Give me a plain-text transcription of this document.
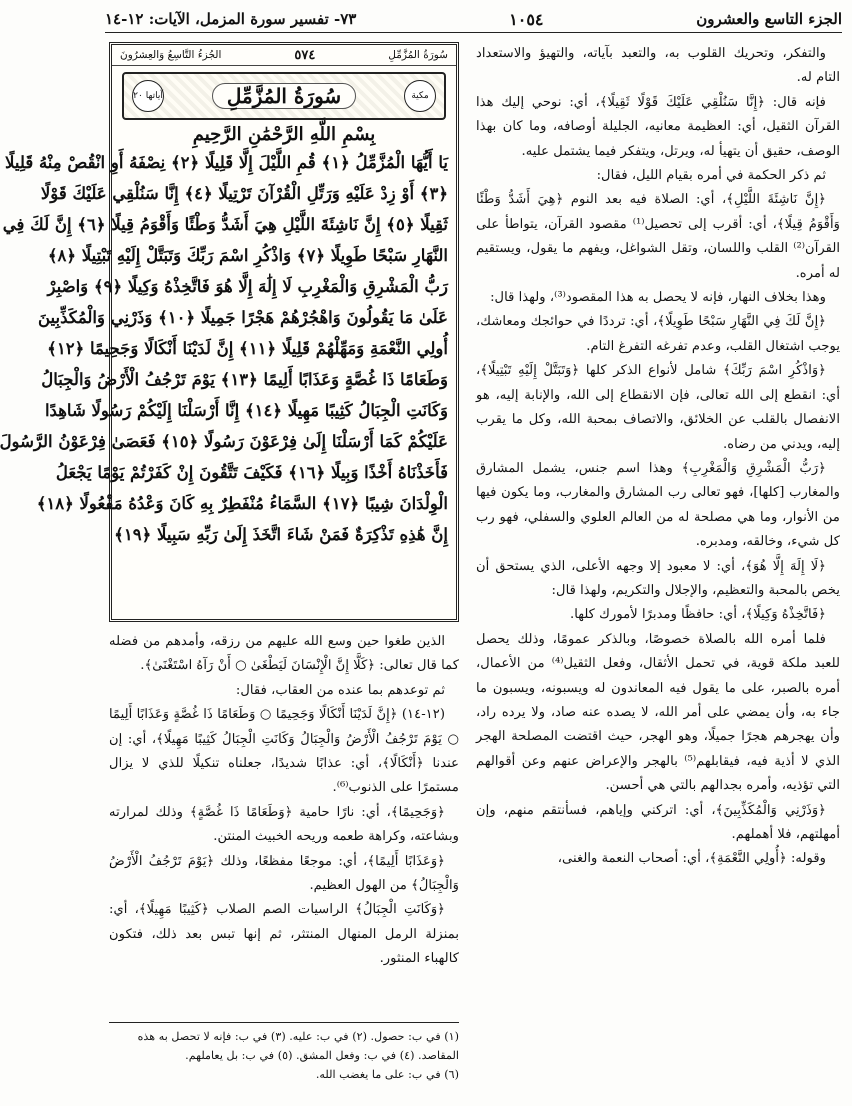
الجزء التاسع والعشرون
١٠٥٤
٧٣- تفسير سورة المزمل، الآيات: ١٢-١٤

والتفكر، وتحريك القلوب به، والتعبد بآياته، والتهيؤ والاستعداد التام له.

فإنه قال: ﴿إِنَّا سَنُلْقِي عَلَيْكَ قَوْلًا ثَقِيلًا﴾، أي: نوحي إليك هذا القرآن الثقيل، أي: العظيمة معانيه، الجليلة أوصافه، وما كان بهذا الوصف، حقيق أن يتهيأ له، ويرتل، ويتفكر فيما يشتمل عليه.

ثم ذكر الحكمة في أمره بقيام الليل، فقال:

﴿إِنَّ نَاشِئَةَ اللَّيْلِ﴾، أي: الصلاة فيه بعد النوم ﴿هِيَ أَشَدُّ وَطْئًا وَأَقْوَمُ قِيلًا﴾، أي: أقرب إلى تحصيل⁽¹⁾ مقصود القرآن، يتواطأ على القرآن⁽²⁾ القلب واللسان، وتقل الشواغل، ويفهم ما يقول، ويستقيم له أمره.

وهذا بخلاف النهار، فإنه لا يحصل به هذا المقصود⁽³⁾، ولهذا قال:

﴿إِنَّ لَكَ فِي النَّهَارِ سَبْحًا طَوِيلًا﴾، أي: ترددًا في حوائجك ومعاشك، يوجب اشتغال القلب، وعدم تفرغه التفرغ التام.

﴿وَاذْكُرِ اسْمَ رَبِّكَ﴾ شامل لأنواع الذكر كلها ﴿وَتَبَتَّلْ إِلَيْهِ تَبْتِيلًا﴾، أي: انقطع إلى الله تعالى، فإن الانقطاع إلى الله، والإنابة إليه، هو الانفصال بالقلب عن الخلائق، والاتصاف بمحبة الله، وكل ما يقرب إليه، ويدني من رضاه.

﴿رَبُّ الْمَشْرِقِ وَالْمَغْرِبِ﴾ وهذا اسم جنس، يشمل المشارق والمغارب [كلها]، فهو تعالى رب المشارق والمغارب، وما يكون فيها من الأنوار، وما هي مصلحة له من العالم العلوي والسفلي، فهو رب كل شيء، وخالقه، ومدبره.

﴿لَا إِلَهَ إِلَّا هُوَ﴾، أي: لا معبود إلا وجهه الأعلى، الذي يستحق أن يخص بالمحبة والتعظيم، والإجلال والتكريم، ولهذا قال:

﴿فَاتَّخِذْهُ وَكِيلًا﴾، أي: حافظًا ومدبرًا لأمورك كلها.

فلما أمره الله بالصلاة خصوصًا، وبالذكر عمومًا، وذلك يحصل للعبد ملكة قوية، في تحمل الأثقال، وفعل الثقيل⁽⁴⁾ من الأعمال، أمره بالصبر، على ما يقول فيه المعاندون له ويسبونه، ويسبون ما جاء به، وأن يمضي على أمر الله، لا يصده عنه صاد، ولا يرده راد، وأن يهجرهم هجرًا جميلًا، وهو الهجر، حيث اقتضت المصلحة الهجر الذي لا أذية فيه، فيقابلهم⁽⁵⁾ بالهجر والإعراض عنهم وعن أقوالهم التي تؤذيه، وأمره بجدالهم بالتي هي أحسن.

﴿وَذَرْنِي وَالْمُكَذِّبِينَ﴾، أي: اتركني وإياهم، فسأنتقم منهم، وإن أمهلتهم، فلا أهملهم.

وقوله: ﴿أُولِي النَّعْمَةِ﴾، أي: أصحاب النعمة والغنى،

سُورَةُ المُزَّمِّلِ
٥٧٤
الجُزءُ التَّاسِعُ وَالعِشرُونَ
مكية
سُورَةُ المُزَّمِّلِ
آياتها ٢٠
بِسْمِ اللَّهِ الرَّحْمَٰنِ الرَّحِيمِ
يَا أَيُّهَا الْمُزَّمِّلُ ﴿١﴾ قُمِ اللَّيْلَ إِلَّا قَلِيلًا ﴿٢﴾ نِصْفَهُ أَوِ انْقُصْ مِنْهُ قَلِيلًا
﴿٣﴾ أَوْ زِدْ عَلَيْهِ وَرَتِّلِ الْقُرْآنَ تَرْتِيلًا ﴿٤﴾ إِنَّا سَنُلْقِي عَلَيْكَ قَوْلًا
ثَقِيلًا ﴿٥﴾ إِنَّ نَاشِئَةَ اللَّيْلِ هِيَ أَشَدُّ وَطْئًا وَأَقْوَمُ قِيلًا ﴿٦﴾ إِنَّ لَكَ فِي
النَّهَارِ سَبْحًا طَوِيلًا ﴿٧﴾ وَاذْكُرِ اسْمَ رَبِّكَ وَتَبَتَّلْ إِلَيْهِ تَبْتِيلًا ﴿٨﴾
رَبُّ الْمَشْرِقِ وَالْمَغْرِبِ لَا إِلَٰهَ إِلَّا هُوَ فَاتَّخِذْهُ وَكِيلًا ﴿٩﴾ وَاصْبِرْ
عَلَىٰ مَا يَقُولُونَ وَاهْجُرْهُمْ هَجْرًا جَمِيلًا ﴿١٠﴾ وَذَرْنِي وَالْمُكَذِّبِينَ
أُولِي النَّعْمَةِ وَمَهِّلْهُمْ قَلِيلًا ﴿١١﴾ إِنَّ لَدَيْنَا أَنْكَالًا وَجَحِيمًا ﴿١٢﴾
وَطَعَامًا ذَا غُصَّةٍ وَعَذَابًا أَلِيمًا ﴿١٣﴾ يَوْمَ تَرْجُفُ الْأَرْضُ وَالْجِبَالُ
وَكَانَتِ الْجِبَالُ كَثِيبًا مَهِيلًا ﴿١٤﴾ إِنَّا أَرْسَلْنَا إِلَيْكُمْ رَسُولًا شَاهِدًا
عَلَيْكُمْ كَمَا أَرْسَلْنَا إِلَىٰ فِرْعَوْنَ رَسُولًا ﴿١٥﴾ فَعَصَىٰ فِرْعَوْنُ الرَّسُولَ
فَأَخَذْنَاهُ أَخْذًا وَبِيلًا ﴿١٦﴾ فَكَيْفَ تَتَّقُونَ إِنْ كَفَرْتُمْ يَوْمًا يَجْعَلُ
الْوِلْدَانَ شِيبًا ﴿١٧﴾ السَّمَاءُ مُنْفَطِرٌ بِهِ كَانَ وَعْدُهُ مَفْعُولًا ﴿١٨﴾
إِنَّ هَٰذِهِ تَذْكِرَةٌ فَمَنْ شَاءَ اتَّخَذَ إِلَىٰ رَبِّهِ سَبِيلًا ﴿١٩﴾

الذين طغوا حين وسع الله عليهم من رزقه، وأمدهم من فضله كما قال تعالى: ﴿كَلَّا إِنَّ الْإِنْسَانَ لَيَطْغَىٰ ○ أَنْ رَآهُ اسْتَغْنَىٰ﴾.

ثم توعدهم بما عنده من العقاب، فقال:

(١٢-١٤) ﴿إِنَّ لَدَيْنَا أَنْكَالًا وَجَحِيمًا ○ وَطَعَامًا ذَا غُصَّةٍ وَعَذَابًا أَلِيمًا ○ يَوْمَ تَرْجُفُ الْأَرْضُ وَالْجِبَالُ وَكَانَتِ الْجِبَالُ كَثِيبًا مَهِيلًا﴾، أي: إن عندنا ﴿أَنْكَالًا﴾، أي: عذابًا شديدًا، جعلناه تنكيلًا للذي لا يزال مستمرًا على الذنوب⁽⁶⁾.

﴿وَجَحِيمًا﴾، أي: نارًا حامية ﴿وَطَعَامًا ذَا غُصَّةٍ﴾ وذلك لمرارته وبشاعته، وكراهة طعمه وريحه الخبيث المنتن.

﴿وَعَذَابًا أَلِيمًا﴾، أي: موجعًا مفظعًا، وذلك ﴿يَوْمَ تَرْجُفُ الْأَرْضُ وَالْجِبَالُ﴾ من الهول العظيم.

﴿وَكَانَتِ الْجِبَالُ﴾ الراسيات الصم الصلاب ﴿كَثِيبًا مَهِيلًا﴾، أي: بمنزلة الرمل المنهال المنتثر، ثم إنها تبس بعد ذلك، فتكون كالهباء المنثور.

(١) في ب: حصول. (٢) في ب: عليه. (٣) في ب: فإنه لا تحصل به هذه المقاصد. (٤) في ب: وفعل المشق. (٥) في ب: بل يعاملهم.

(٦) في ب: على ما يغضب الله.
